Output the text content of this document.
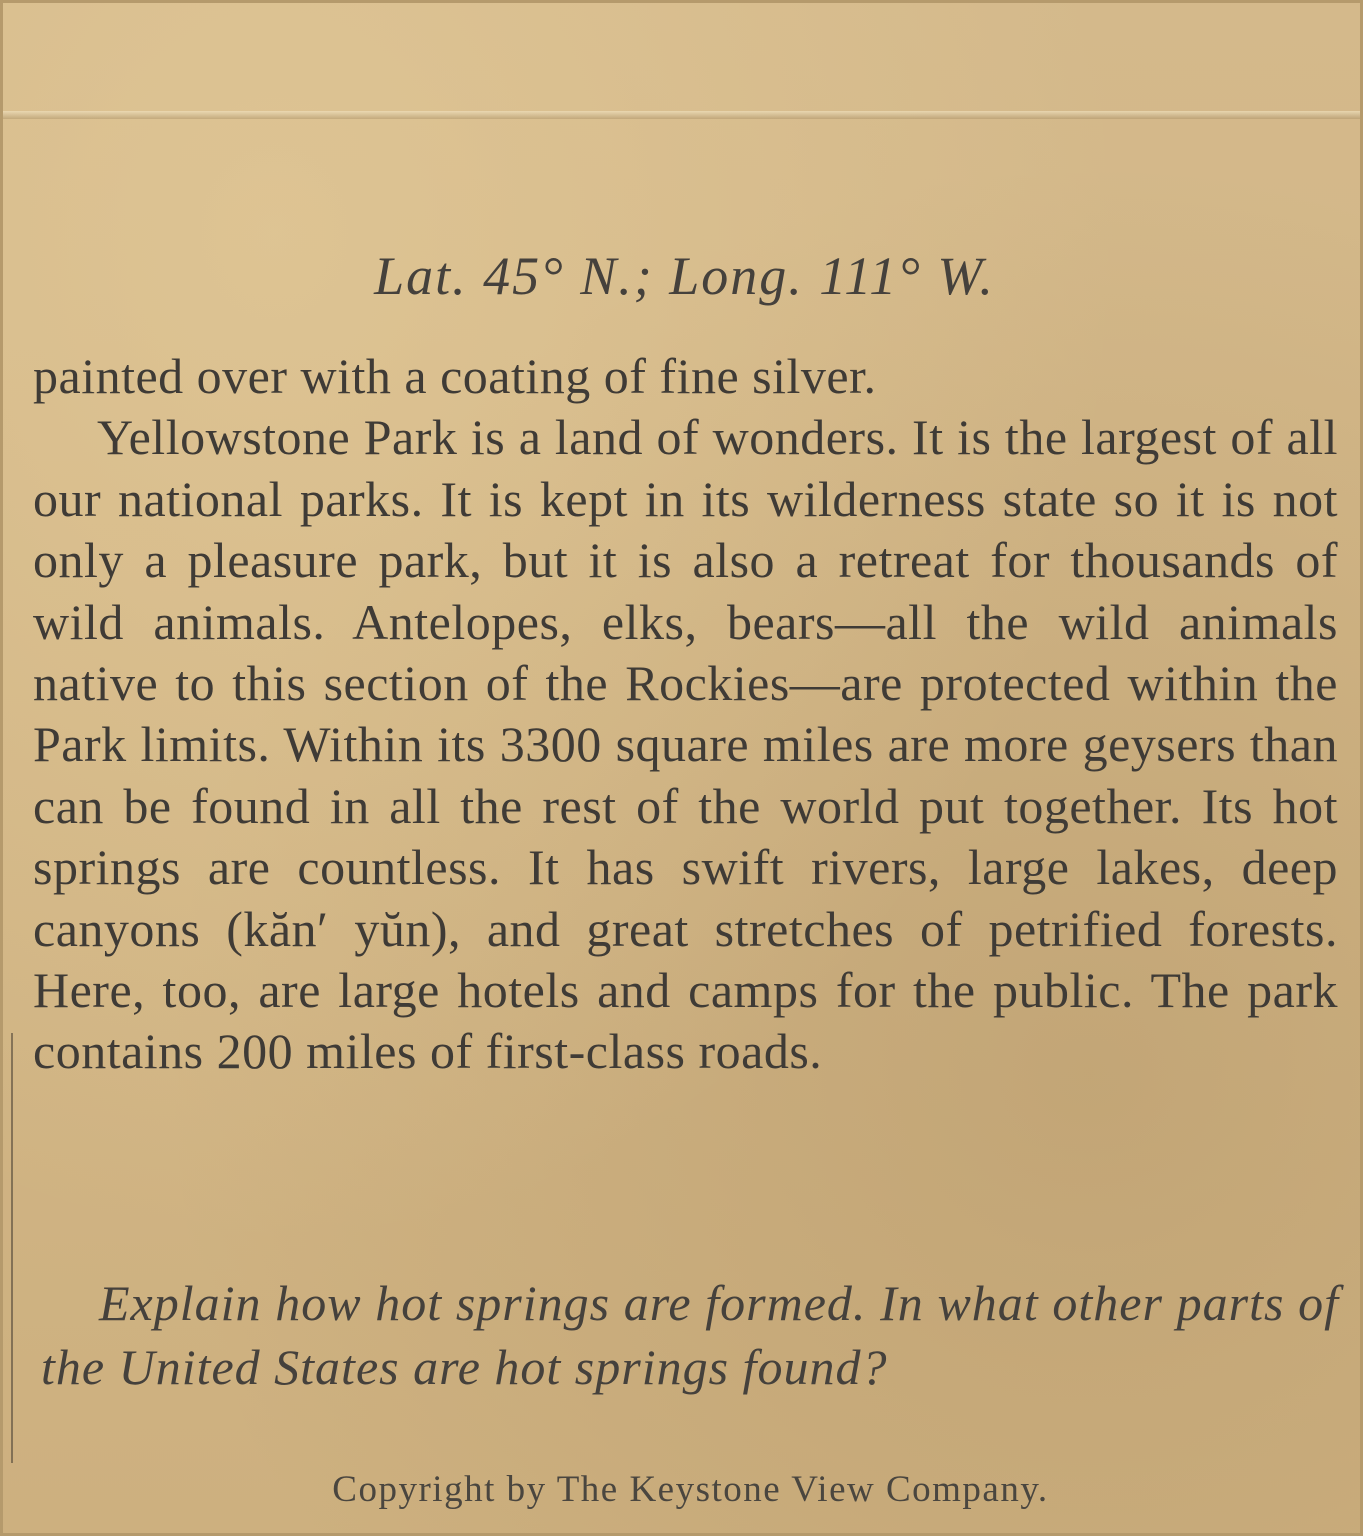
Lat. 45° N.; Long. 111° W.

painted over with a coating of fine silver.

Yellowstone Park is a land of wonders. It is the largest of all our national parks. It is kept in its wilderness state so it is not only a pleasure park, but it is also a retreat for thousands of wild animals. Antelopes, elks, bears—all the wild animals native to this section of the Rockies—are protected within the Park limits. Within its 3300 square miles are more geysers than can be found in all the rest of the world put together. Its hot springs are countless. It has swift rivers, large lakes, deep canyons (kăn′ yŭn), and great stretches of petrified forests. Here, too, are large hotels and camps for the public. The park contains 200 miles of first-class roads.

Explain how hot springs are formed. In what other parts of the United States are hot springs found?

Copyright by The Keystone View Company.
